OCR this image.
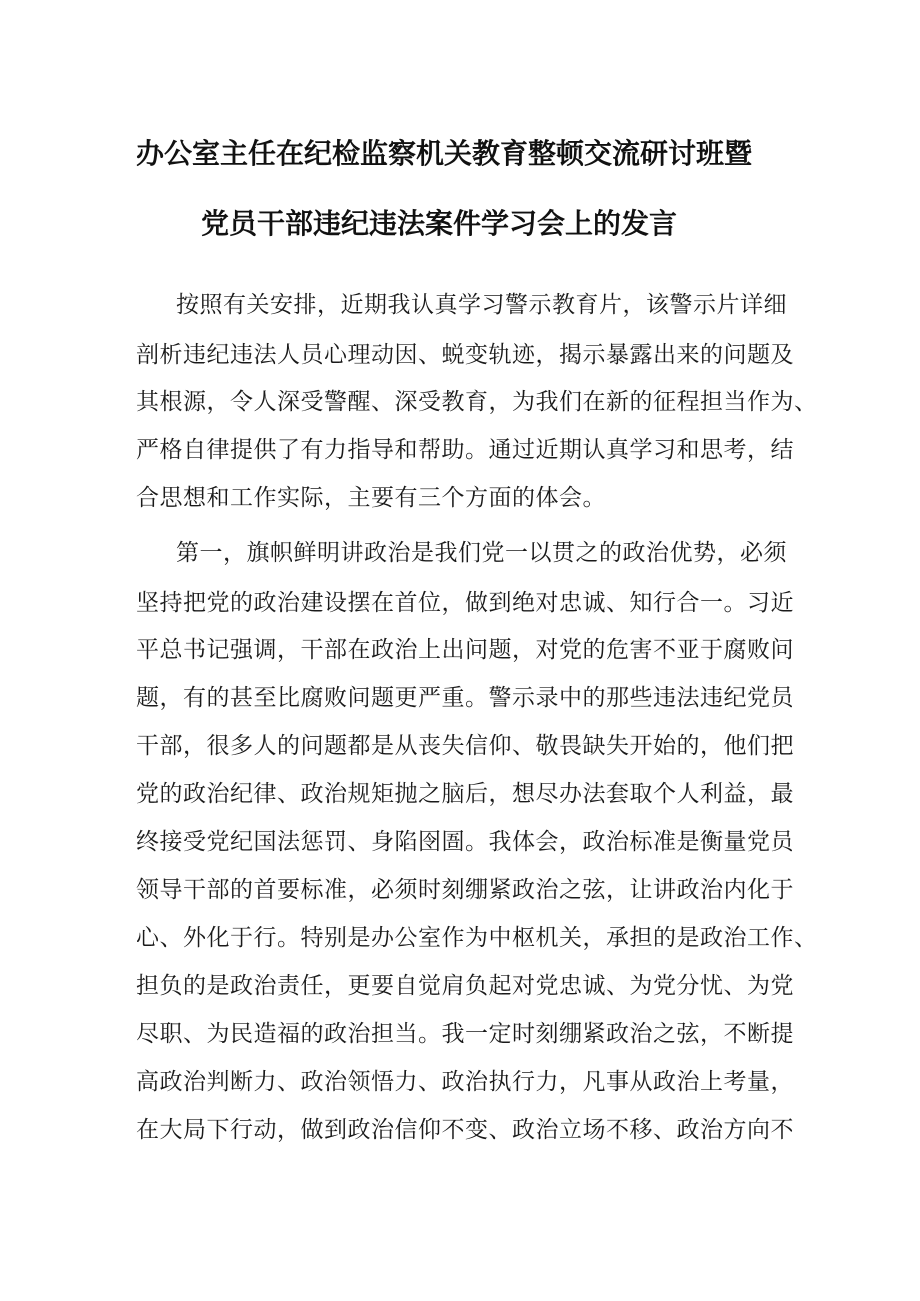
办公室主任在纪检监察机关教育整顿交流研讨班暨
党员干部违纪违法案件学习会上的发言
按照有关安排，近期我认真学习警示教育片，该警示片详细
剖析违纪违法人员心理动因、蜕变轨迹，揭示暴露出来的问题及
其根源，令人深受警醒、深受教育，为我们在新的征程担当作为、
严格自律提供了有力指导和帮助。通过近期认真学习和思考，结
合思想和工作实际，主要有三个方面的体会。
第一，旗帜鲜明讲政治是我们党一以贯之的政治优势，必须
坚持把党的政治建设摆在首位，做到绝对忠诚、知行合一。习近
平总书记强调，干部在政治上出问题，对党的危害不亚于腐败问
题，有的甚至比腐败问题更严重。警示录中的那些违法违纪党员
干部，很多人的问题都是从丧失信仰、敬畏缺失开始的，他们把
党的政治纪律、政治规矩抛之脑后，想尽办法套取个人利益，最
终接受党纪国法惩罚、身陷囹圄。我体会，政治标准是衡量党员
领导干部的首要标准，必须时刻绷紧政治之弦，让讲政治内化于
心、外化于行。特别是办公室作为中枢机关，承担的是政治工作、
担负的是政治责任，更要自觉肩负起对党忠诚、为党分忧、为党
尽职、为民造福的政治担当。我一定时刻绷紧政治之弦，不断提
高政治判断力、政治领悟力、政治执行力，凡事从政治上考量，
在大局下行动，做到政治信仰不变、政治立场不移、政治方向不
